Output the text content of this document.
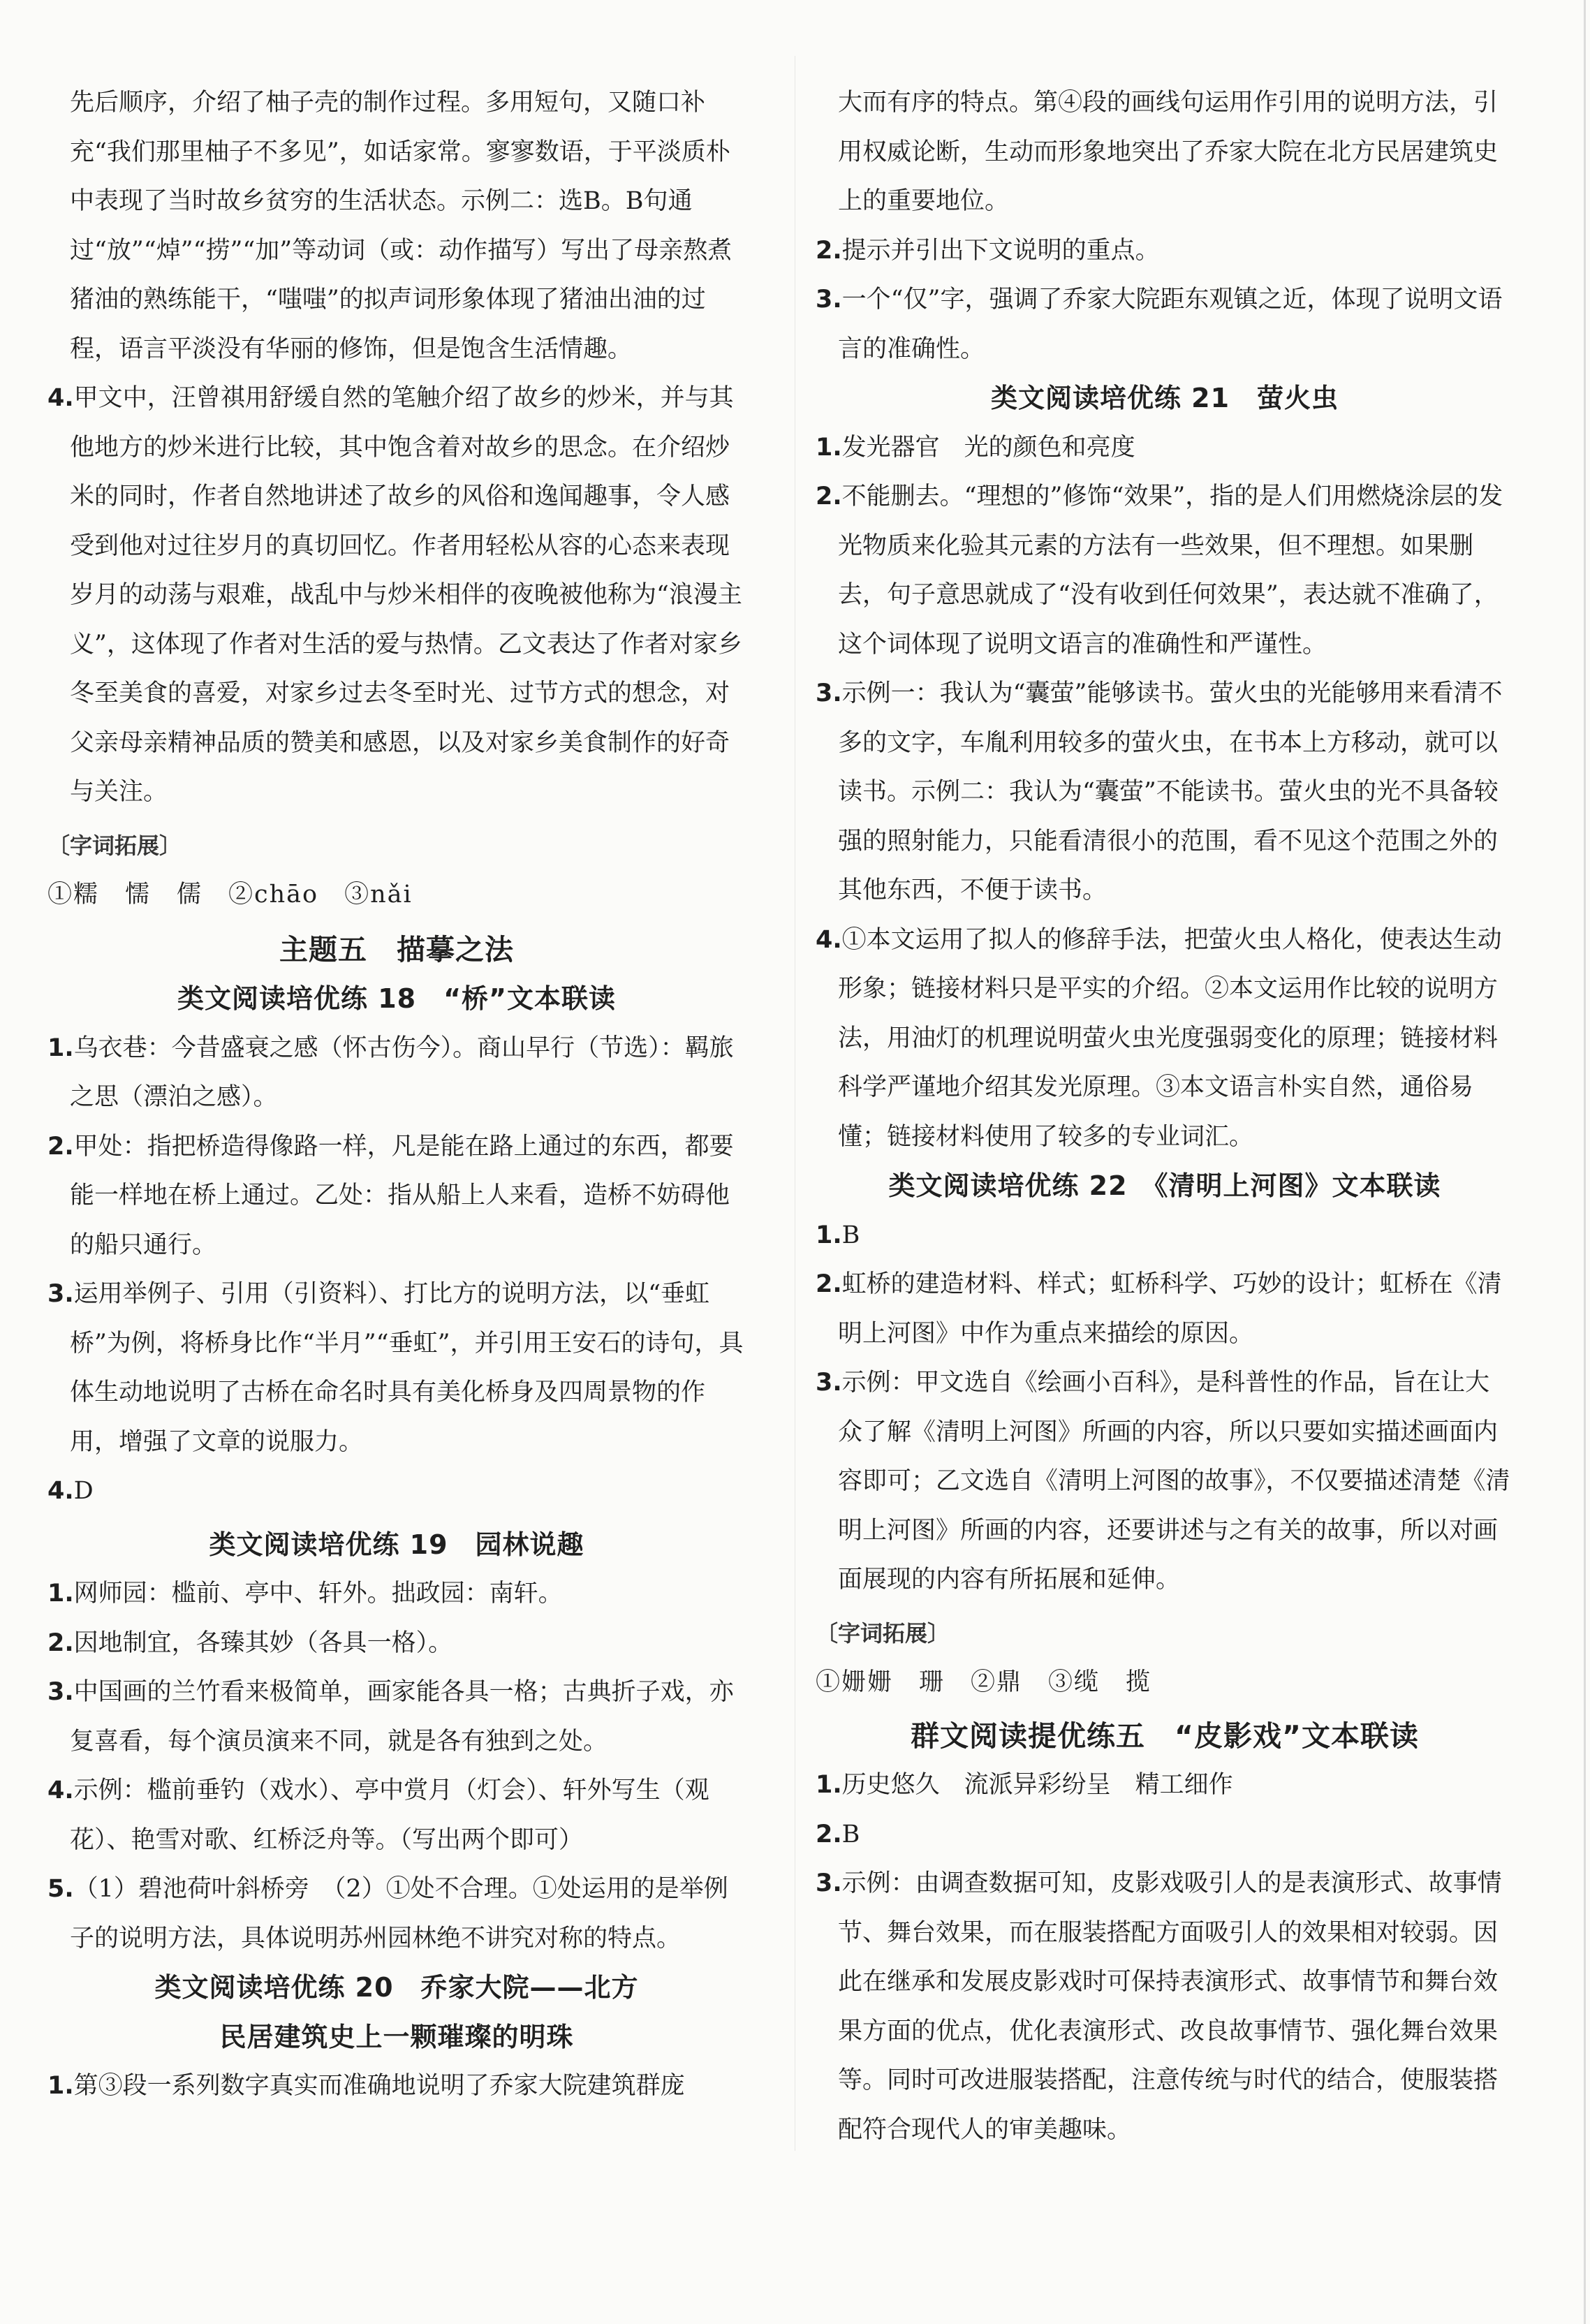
先后顺序，介绍了柚子壳的制作过程。多用短句，又随口补充“我们那里柚子不多见”，如话家常。寥寥数语，于平淡质朴中表现了当时故乡贫穷的生活状态。示例二：选B。B句通过“放”“焯”“捞”“加”等动词（或：动作描写）写出了母亲熬煮猪油的熟练能干，“嗤嗤”的拟声词形象体现了猪油出油的过程，语言平淡没有华丽的修饰，但是饱含生活情趣。

4.甲文中，汪曾祺用舒缓自然的笔触介绍了故乡的炒米，并与其他地方的炒米进行比较，其中饱含着对故乡的思念。在介绍炒米的同时，作者自然地讲述了故乡的风俗和逸闻趣事，令人感受到他对过往岁月的真切回忆。作者用轻松从容的心态来表现岁月的动荡与艰难，战乱中与炒米相伴的夜晚被他称为“浪漫主义”，这体现了作者对生活的爱与热情。乙文表达了作者对家乡冬至美食的喜爱，对家乡过去冬至时光、过节方式的想念，对父亲母亲精神品质的赞美和感恩，以及对家乡美食制作的好奇与关注。
〔字词拓展〕
①糯　懦　儒　②chāo　③nǎi
主题五　描摹之法
类文阅读培优练 18　“桥”文本联读
1.乌衣巷：今昔盛衰之感（怀古伤今）。商山早行（节选）：羁旅之思（漂泊之感）。
2.甲处：指把桥造得像路一样，凡是能在路上通过的东西，都要能一样地在桥上通过。乙处：指从船上人来看，造桥不妨碍他的船只通行。
3.运用举例子、引用（引资料）、打比方的说明方法，以“垂虹桥”为例，将桥身比作“半月”“垂虹”，并引用王安石的诗句，具体生动地说明了古桥在命名时具有美化桥身及四周景物的作用，增强了文章的说服力。
4.D
类文阅读培优练 19　园林说趣
1.网师园：槛前、亭中、轩外。拙政园：南轩。
2.因地制宜，各臻其妙（各具一格）。
3.中国画的兰竹看来极简单，画家能各具一格；古典折子戏，亦复喜看，每个演员演来不同，就是各有独到之处。
4.示例：槛前垂钓（戏水）、亭中赏月（灯会）、轩外写生（观花）、艳雪对歌、红桥泛舟等。（写出两个即可）
5.（1）碧池荷叶斜桥旁　（2）①处不合理。①处运用的是举例子的说明方法，具体说明苏州园林绝不讲究对称的特点。
类文阅读培优练 20　乔家大院——北方
民居建筑史上一颗璀璨的明珠
1.第③段一系列数字真实而准确地说明了乔家大院建筑群庞

大而有序的特点。第④段的画线句运用作引用的说明方法，引用权威论断，生动而形象地突出了乔家大院在北方民居建筑史上的重要地位。

2.提示并引出下文说明的重点。
3.一个“仅”字，强调了乔家大院距东观镇之近，体现了说明文语言的准确性。
类文阅读培优练 21　萤火虫
1.发光器官　光的颜色和亮度
2.不能删去。“理想的”修饰“效果”，指的是人们用燃烧涂层的发光物质来化验其元素的方法有一些效果，但不理想。如果删去，句子意思就成了“没有收到任何效果”，表达就不准确了，这个词体现了说明文语言的准确性和严谨性。
3.示例一：我认为“囊萤”能够读书。萤火虫的光能够用来看清不多的文字，车胤利用较多的萤火虫，在书本上方移动，就可以读书。示例二：我认为“囊萤”不能读书。萤火虫的光不具备较强的照射能力，只能看清很小的范围，看不见这个范围之外的其他东西，不便于读书。
4.①本文运用了拟人的修辞手法，把萤火虫人格化，使表达生动形象；链接材料只是平实的介绍。②本文运用作比较的说明方法，用油灯的机理说明萤火虫光度强弱变化的原理；链接材料科学严谨地介绍其发光原理。③本文语言朴实自然，通俗易懂；链接材料使用了较多的专业词汇。
类文阅读培优练 22　《清明上河图》文本联读
1.B
2.虹桥的建造材料、样式；虹桥科学、巧妙的设计；虹桥在《清明上河图》中作为重点来描绘的原因。
3.示例：甲文选自《绘画小百科》，是科普性的作品，旨在让大众了解《清明上河图》所画的内容，所以只要如实描述画面内容即可；乙文选自《清明上河图的故事》，不仅要描述清楚《清明上河图》所画的内容，还要讲述与之有关的故事，所以对画面展现的内容有所拓展和延伸。
〔字词拓展〕
①姗姗　珊　②鼎　③缆　揽
群文阅读提优练五　“皮影戏”文本联读
1.历史悠久　流派异彩纷呈　精工细作
2.B
3.示例：由调查数据可知，皮影戏吸引人的是表演形式、故事情节、舞台效果，而在服装搭配方面吸引人的效果相对较弱。因此在继承和发展皮影戏时可保持表演形式、故事情节和舞台效果方面的优点，优化表演形式、改良故事情节、强化舞台效果等。同时可改进服装搭配，注意传统与时代的结合，使服装搭配符合现代人的审美趣味。
